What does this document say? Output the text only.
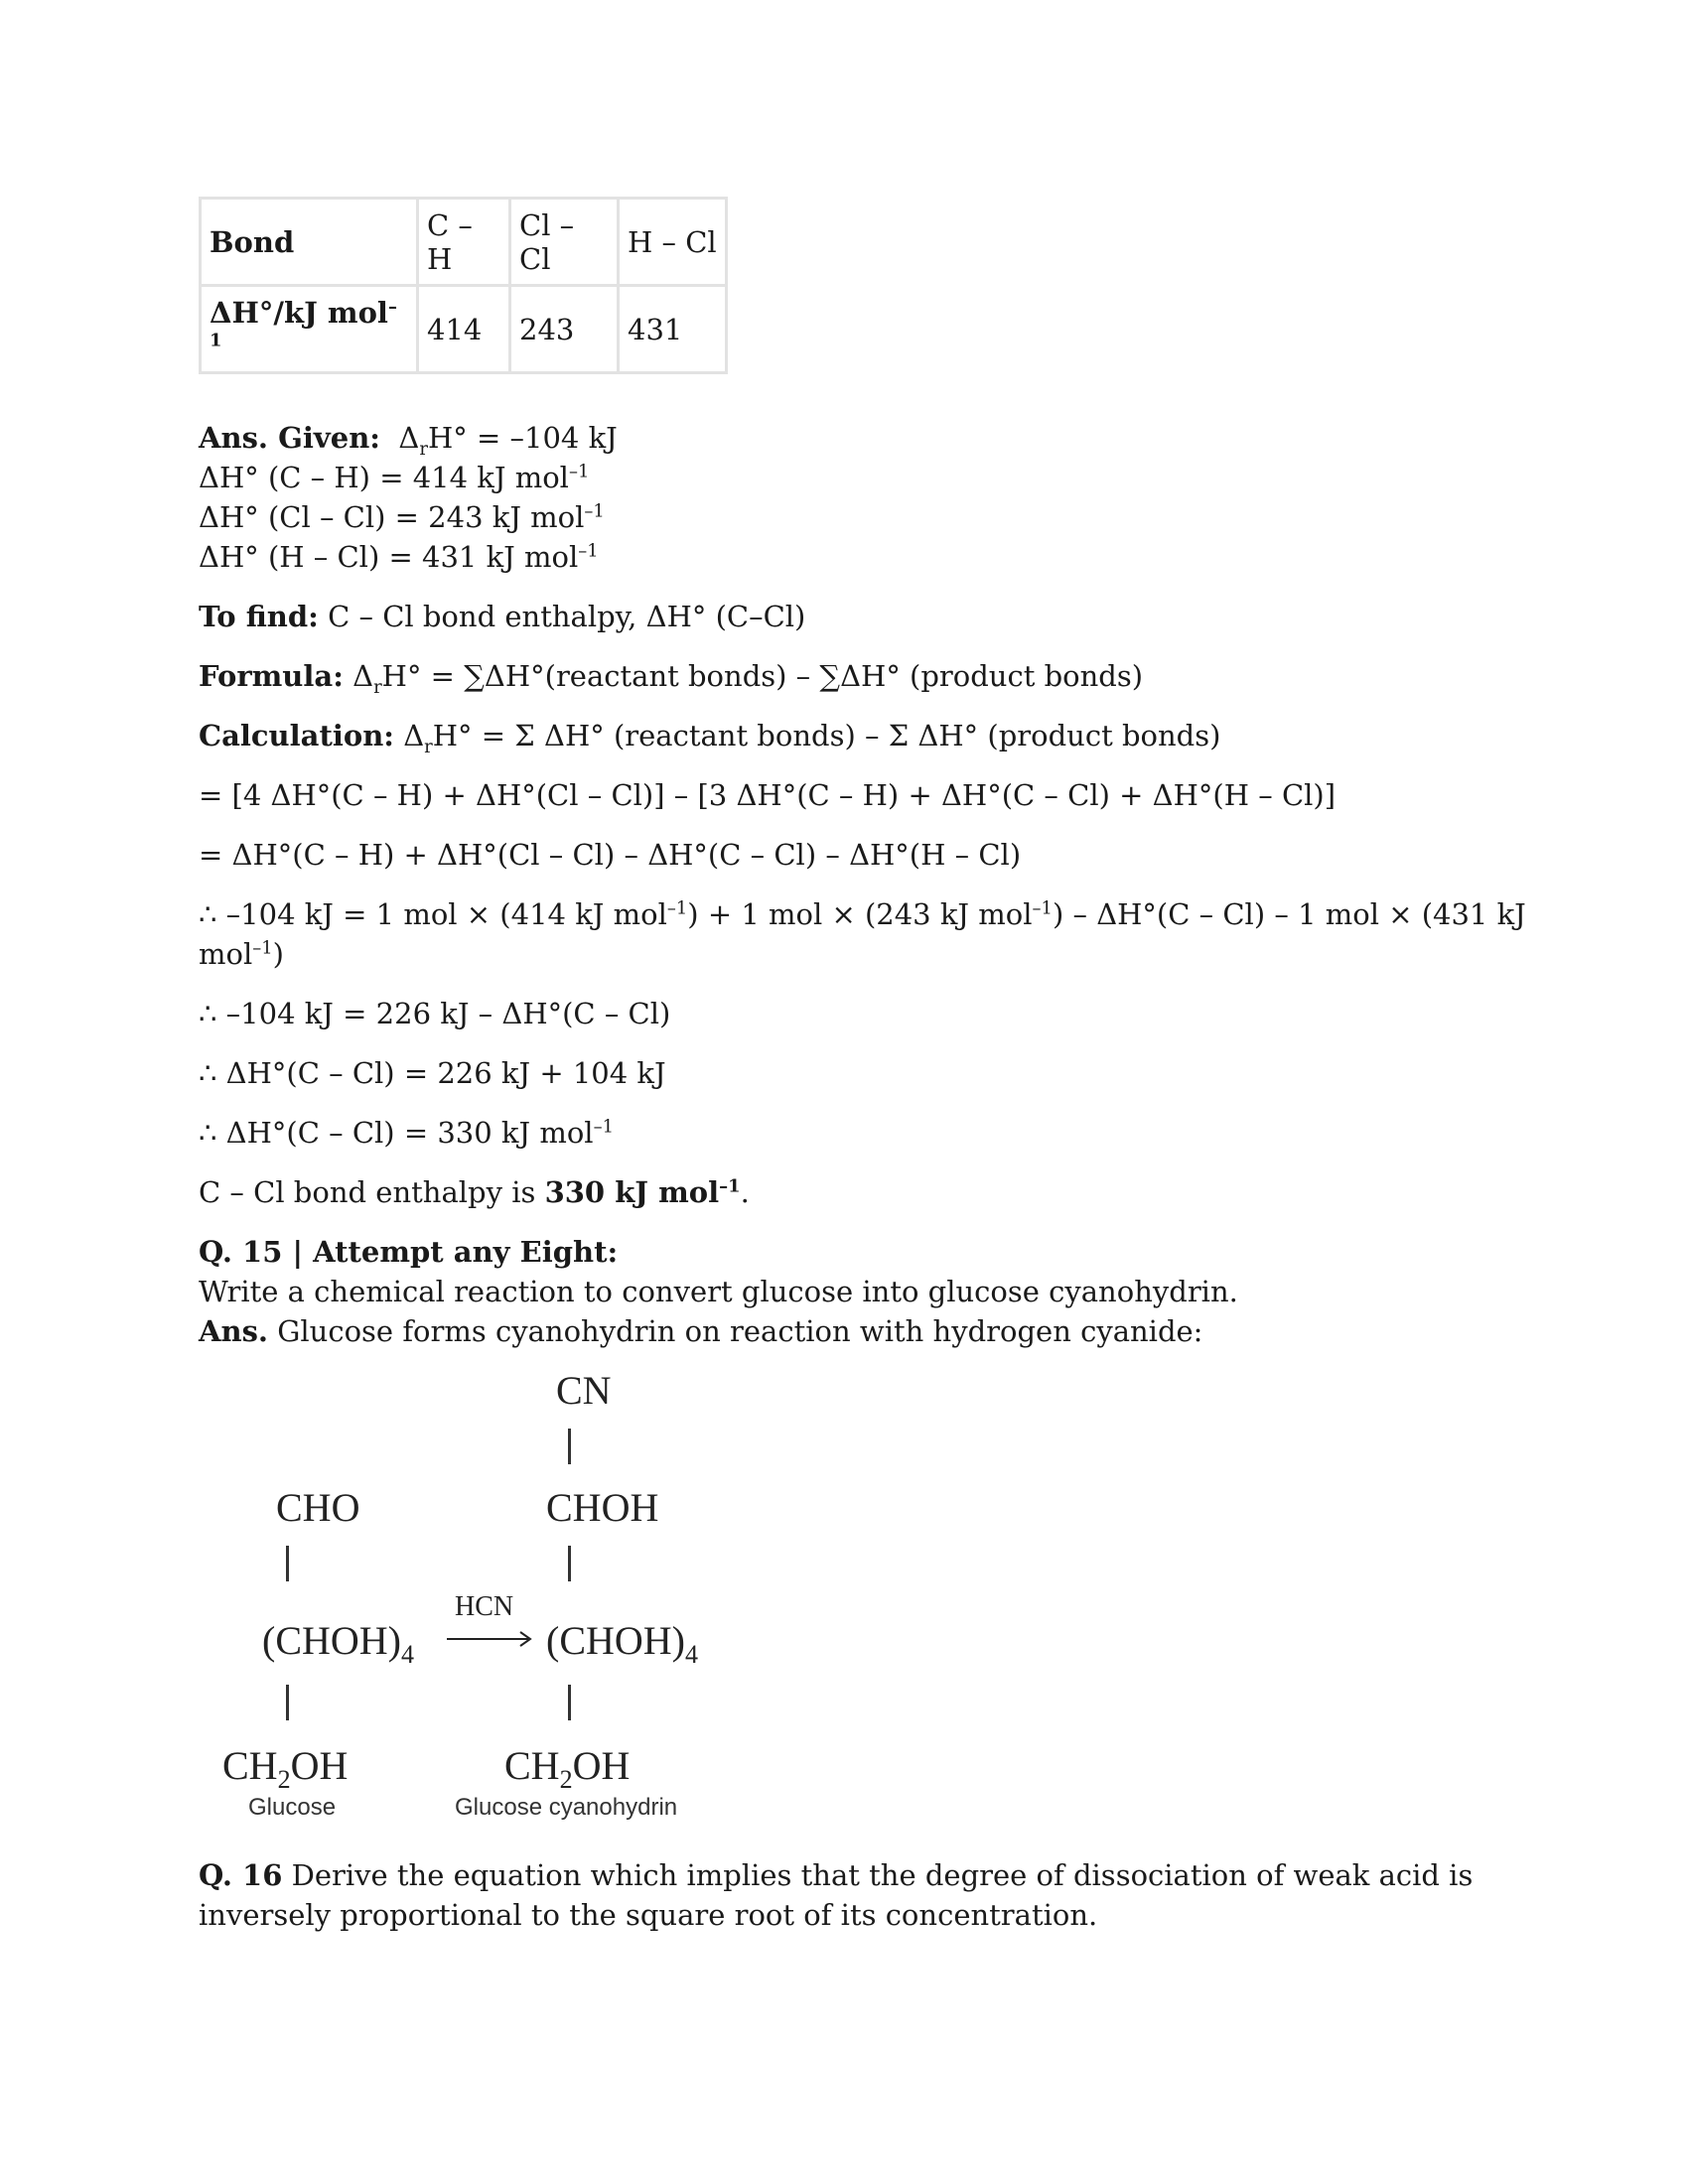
Bond	C – H	Cl – Cl	H – Cl
ΔH°/kJ mol$^{-1}$	414	243	431

Ans. Given: $\Delta_rH^\circ = -104$ kJ

ΔH° (C – H) = 414 kJ mol$^{-1}$

ΔH° (Cl – Cl) = 243 kJ mol$^{-1}$

ΔH° (H – Cl) = 431 kJ mol$^{-1}$

To find: C – Cl bond enthalpy, ΔH° (C–Cl)

Formula: $\Delta_rH^\circ$ = ∑ΔH°(reactant bonds) – ∑ΔH° (product bonds)

Calculation: $\Delta_rH^\circ = \Sigma$ ΔH° (reactant bonds) – Σ ΔH° (product bonds)

= [4 ΔH°(C – H) + ΔH°(Cl – Cl)] – [3 ΔH°(C – H) + ΔH°(C – Cl) + ΔH°(H – Cl)]

= ΔH°(C – H) + ΔH°(Cl – Cl) – ΔH°(C – Cl) – ΔH°(H – Cl)

∴ –104 kJ = 1 mol × (414 kJ mol$^{-1}$) + 1 mol × (243 kJ mol$^{-1}$) – ΔH°(C – Cl) – 1 mol × (431 kJ

mol$^{-1}$)

∴ –104 kJ = 226 kJ – ΔH°(C – Cl)

∴ ΔH°(C – Cl) = 226 kJ + 104 kJ

∴ ΔH°(C – Cl) = 330 kJ mol$^{-1}$

C – Cl bond enthalpy is 330 kJ mol$^{-1}$.

Q. 15 | Attempt any Eight:

Write a chemical reaction to convert glucose into glucose cyanohydrin.

Ans. Glucose forms cyanohydrin on reaction with hydrogen cyanide:

CN
CHOH
$(CHOH)_4$
$CH_2OH$
Glucose cyanohydrin
CHO
$(CHOH)_4$
$CH_2OH$
Glucose
HCN

Q. 16 Derive the equation which implies that the degree of dissociation of weak acid is

inversely proportional to the square root of its concentration.
